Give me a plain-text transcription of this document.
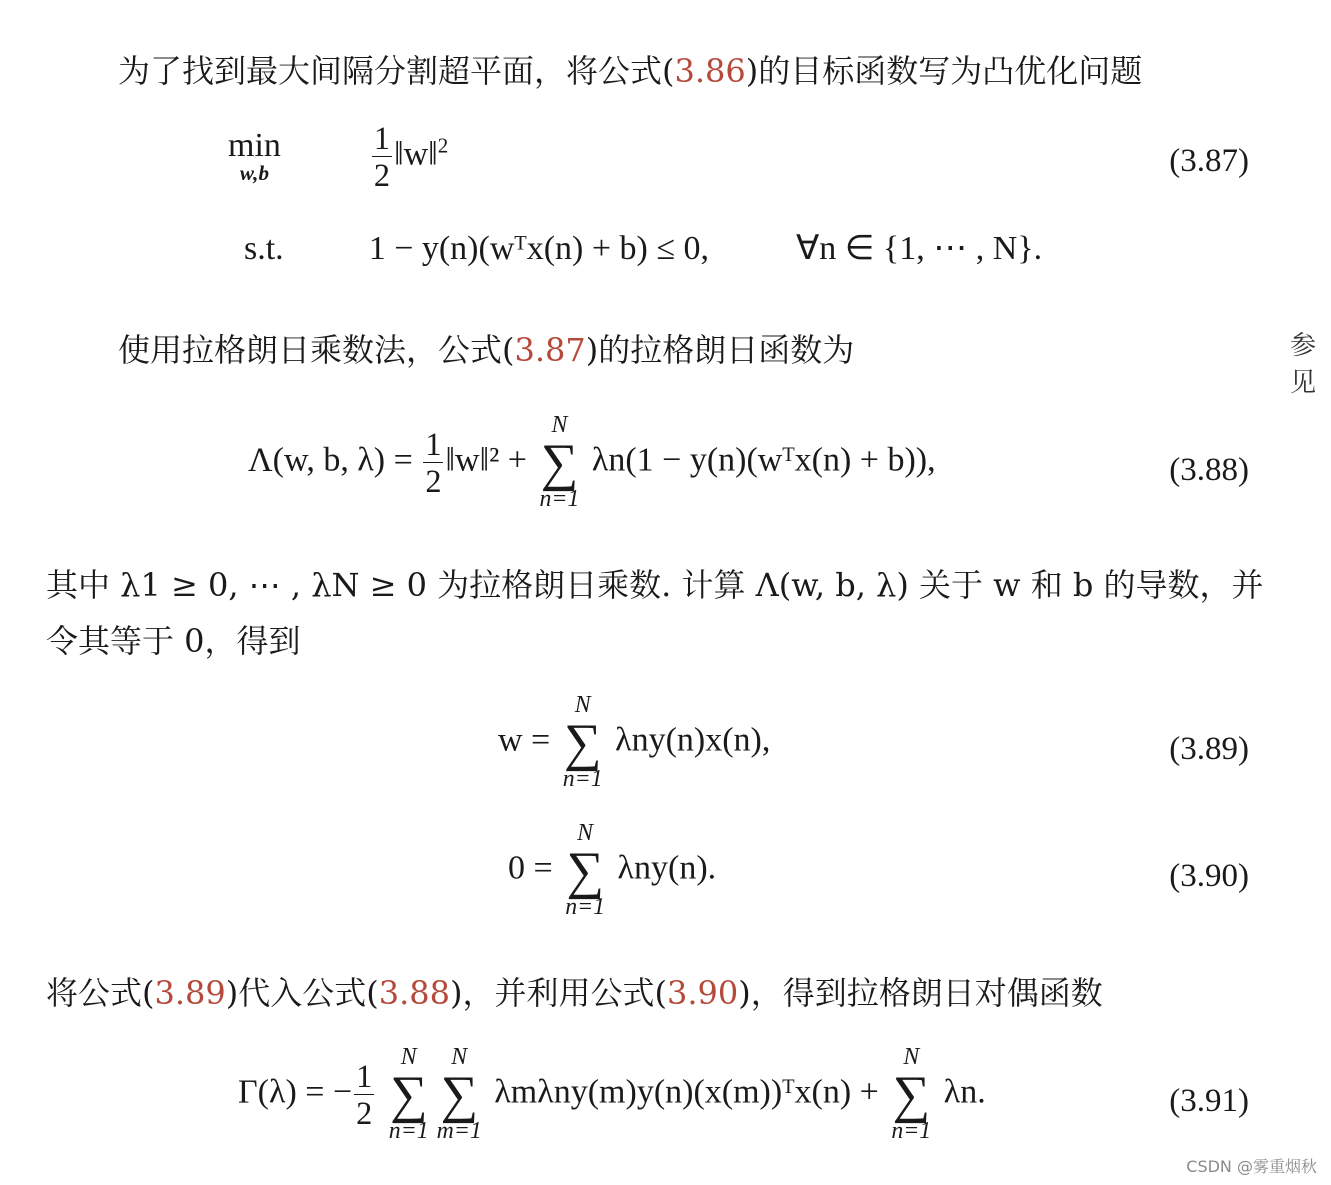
为了找到最大间隔分割超平面，将公式(3.86)的目标函数写为凸优化问题
min
w,b
	$\frac{1}{2}$ ‖w‖$^2$	(3.87)
s.t.	1 − y(n)(wᵀx(n) + b) ≤ 0,	∀n ∈ {1, ⋯ , N}.
使用拉格朗日乘数法，公式(3.87)的拉格朗日函数为	参见
Λ(w, b, $\lambda) = \frac{1}{2}$ ‖w‖² +
N
∑
n=1
λn(1 − y(n)(wᵀx(n) + b)),	(3.88)
其中 λ1 ≥ 0, ⋯ , λN ≥ 0 为拉格朗日乘数. 计算 Λ(w, b, λ) 关于 w 和 b 的导数，并
令其等于 0，得到
w =
N
∑
n=1
λny(n)x(n),	(3.89)
0 =
N
∑
n=1
λny(n).	(3.90)
将公式(3.89)代入公式(3.88)，并利用公式(3.90)，得到拉格朗日对偶函数
Γ(λ) = − $\frac{1}{2}$

N
∑
n=1
N
∑
m=1
λmλny(m)y(n)(x(m))ᵀx(n) +
N
∑
n=1
λn.	(3.91)
CSDN @雾重烟秋
